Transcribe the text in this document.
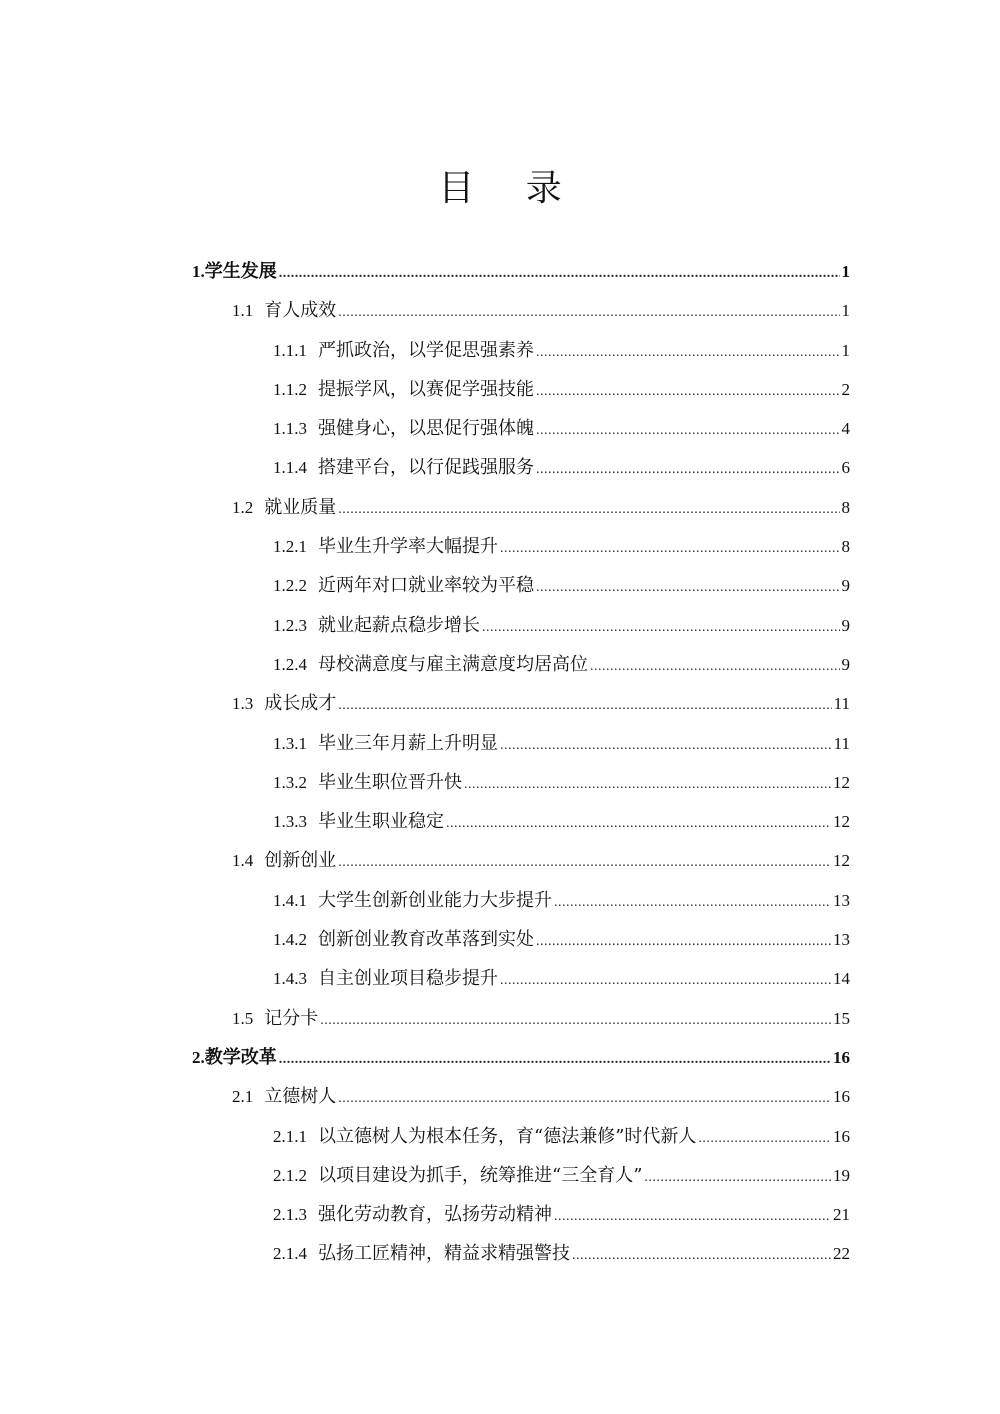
目 录
1. 学生发展 .....	1
1.1 育人成效 .....	1
1.1.1 严抓政治，以学促思强素养 .....	1
1.1.2 提振学风，以赛促学强技能 .....	2
1.1.3 强健身心，以思促行强体魄 .....	4
1.1.4 搭建平台，以行促践强服务 .....	6
1.2 就业质量 .....	8
1.2.1 毕业生升学率大幅提升 .....	8
1.2.2 近两年对口就业率较为平稳 .....	9
1.2.3 就业起薪点稳步增长 .....	9
1.2.4 母校满意度与雇主满意度均居高位 .....	9
1.3 成长成才 .....	11
1.3.1 毕业三年月薪上升明显 .....	11
1.3.2 毕业生职位晋升快 .....	12
1.3.3 毕业生职业稳定 .....	12
1.4 创新创业 .....	12
1.4.1 大学生创新创业能力大步提升 .....	13
1.4.2 创新创业教育改革落到实处 .....	13
1.4.3 自主创业项目稳步提升 .....	14
1.5 记分卡 .....	15
2. 教学改革 .....	16
2.1 立德树人 .....	16
2.1.1 以立德树人为根本任务，育“德法兼修”时代新人 .....	16
2.1.2 以项目建设为抓手，统筹推进“三全育人” .....	19
2.1.3 强化劳动教育，弘扬劳动精神 .....	21
2.1.4 弘扬工匠精神，精益求精强警技 .....	22
